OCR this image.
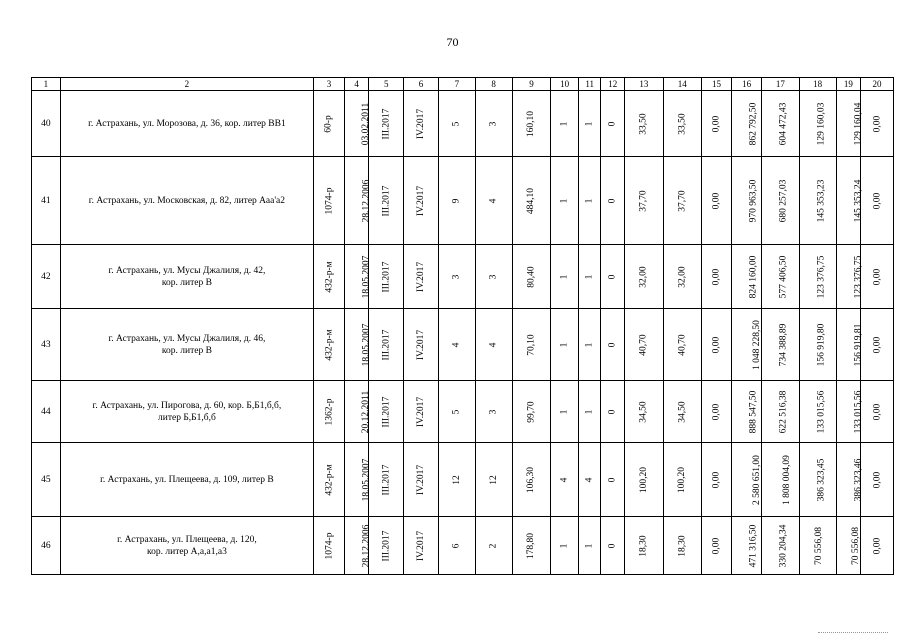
70
1	2	3	4	5	6	7	8	9	10	11	12	13	14	15	16	17	18	19	20
40	г. Астрахань, ул. Морозова, д. 36, кор. литер ВВ1	60-р	03.02.2011	III.2017	IV.2017	5	3	160,10	1	1	0	33,50	33,50	0,00	862 792,50	604 472,43	129 160,03	129 160,04	0,00
41	г. Астрахань, ул. Московская, д. 82, литер Ааа'а2	1074-р	28.12.2006	III.2017	IV.2017	9	4	484,10	1	1	0	37,70	37,70	0,00	970 963,50	680 257,03	145 353,23	145 353,24	0,00
42	г. Астрахань, ул. Мусы Джалиля, д. 42,
кор. литер В	432-р-м	18.05.2007	III.2017	IV.2017	3	3	80,40	1	1	0	32,00	32,00	0,00	824 160,00	577 406,50	123 376,75	123 376,75	0,00
43	г. Астрахань, ул. Мусы Джалиля, д. 46,
кор. литер В	432-р-м	18.05.2007	III.2017	IV.2017	4	4	70,10	1	1	0	40,70	40,70	0,00	1 048 228,50	734 388,89	156 919,80	156 919,81	0,00
44	г. Астрахань, ул. Пирогова, д. 60, кор. Б,Б1,б,б,
литер Б,Б1,б,б	1362-р	20.12.2011	III.2017	IV.2017	5	3	99,70	1	1	0	34,50	34,50	0,00	888 547,50	622 516,38	133 015,56	133 015,56	0,00
45	г. Астрахань, ул. Плещеева, д. 109, литер В	432-р-м	18.05.2007	III.2017	IV.2017	12	12	106,30	4	4	0	100,20	100,20	0,00	2 580 651,00	1 808 004,09	386 323,45	386 323,46	0,00
46	г. Астрахань, ул. Плещеева, д. 120,
кор. литер А,а,а1,а3	1074-р	28.12.2006	III.2017	IV.2017	6	2	178,80	1	1	0	18,30	18,30	0,00	471 316,50	330 204,34	70 556,08	70 556,08	0,00
